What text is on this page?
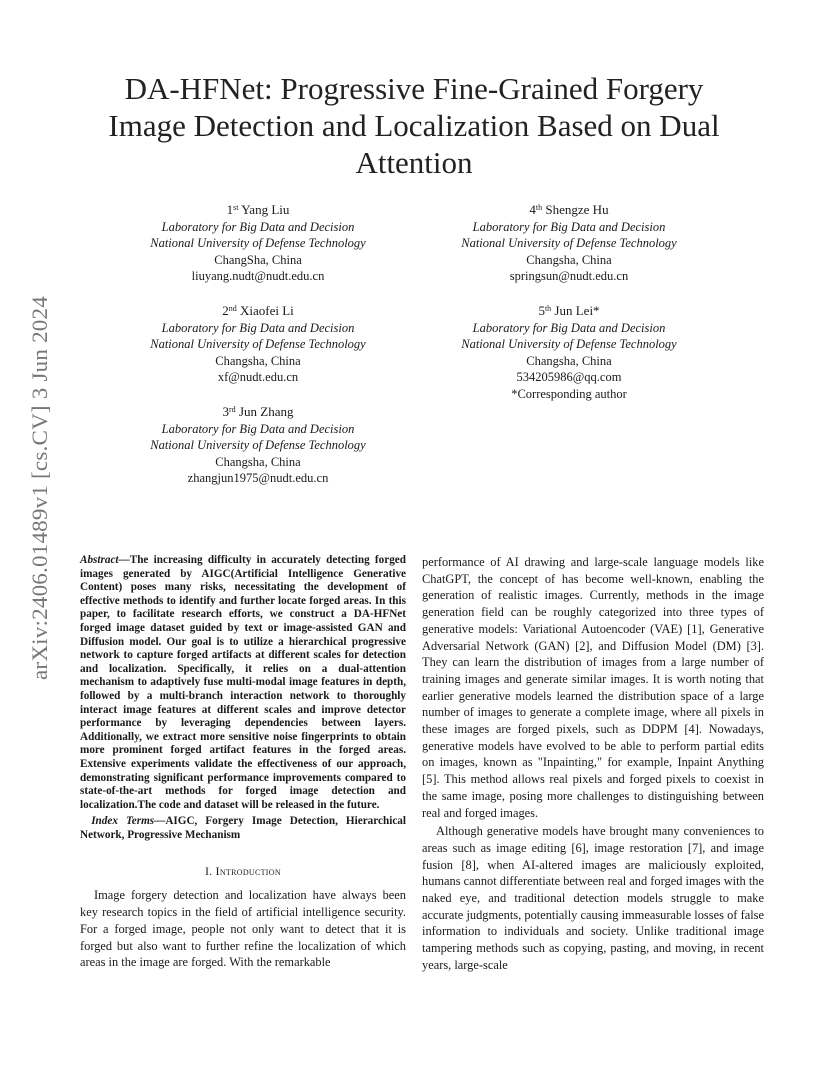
arXiv:2406.01489v1 [cs.CV] 3 Jun 2024
DA-HFNet: Progressive Fine-Grained Forgery Image Detection and Localization Based on Dual Attention
1st Yang Liu
Laboratory for Big Data and Decision
National University of Defense Technology
ChangSha, China
liuyang.nudt@nudt.edu.cn
2nd Xiaofei Li
Laboratory for Big Data and Decision
National University of Defense Technology
Changsha, China
xf@nudt.edu.cn
3rd Jun Zhang
Laboratory for Big Data and Decision
National University of Defense Technology
Changsha, China
zhangjun1975@nudt.edu.cn
4th Shengze Hu
Laboratory for Big Data and Decision
National University of Defense Technology
Changsha, China
springsun@nudt.edu.cn
5th Jun Lei*
Laboratory for Big Data and Decision
National University of Defense Technology
Changsha, China
534205986@qq.com
*Corresponding author

Abstract—The increasing difficulty in accurately detecting forged images generated by AIGC(Artificial Intelligence Generative Content) poses many risks, necessitating the development of effective methods to identify and further locate forged areas. In this paper, to facilitate research efforts, we construct a DA-HFNet forged image dataset guided by text or image-assisted GAN and Diffusion model. Our goal is to utilize a hierarchical progressive network to capture forged artifacts at different scales for detection and localization. Specifically, it relies on a dual-attention mechanism to adaptively fuse multi-modal image features in depth, followed by a multi-branch interaction network to thoroughly interact image features at different scales and improve detector performance by leveraging dependencies between layers. Additionally, we extract more sensitive noise fingerprints to obtain more prominent forged artifact features in the forged areas. Extensive experiments validate the effectiveness of our approach, demonstrating significant performance improvements compared to state-of-the-art methods for forged image detection and localization.The code and dataset will be released in the future.

  Index Terms—AIGC, Forgery Image Detection, Hierarchical Network, Progressive Mechanism

I. Introduction

Image forgery detection and localization have always been key research topics in the field of artificial intelligence security. For a forged image, people not only want to detect that it is forged but also want to further refine the localization of which areas in the image are forged. With the remarkable

performance of AI drawing and large-scale language models like ChatGPT, the concept of has become well-known, enabling the generation of realistic images. Currently, methods in the image generation field can be roughly categorized into three types of generative models: Variational Autoencoder (VAE) [1], Generative Adversarial Network (GAN) [2], and Diffusion Model (DM) [3]. They can learn the distribution of images from a large number of training images and generate similar images. It is worth noting that earlier generative models learned the distribution space of a large number of images to generate a complete image, where all pixels in these images are forged pixels, such as DDPM [4]. Nowadays, generative models have evolved to be able to perform partial edits on images, known as "Inpainting," for example, Inpaint Anything [5]. This method allows real pixels and forged pixels to coexist in the same image, posing more challenges to distinguishing between real and forged images.

Although generative models have brought many conveniences to areas such as image editing [6], image restoration [7], and image fusion [8], when AI-altered images are maliciously exploited, humans cannot differentiate between real and forged images with the naked eye, and traditional detection models struggle to make accurate judgments, potentially causing immeasurable losses of false information to individuals and society. Unlike traditional image tampering methods such as copying, pasting, and moving, in recent years, large-scale
